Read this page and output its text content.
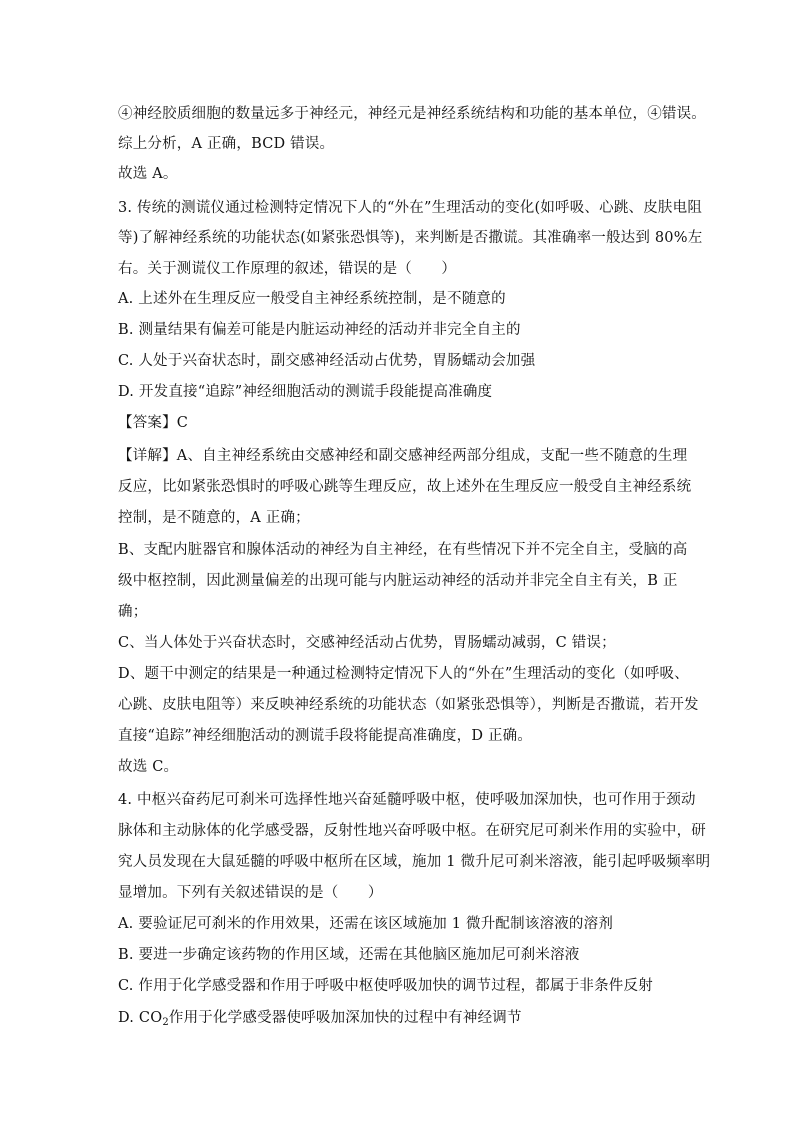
④神经胶质细胞的数量远多于神经元，神经元是神经系统结构和功能的基本单位，④错误。
综上分析，A 正确，BCD 错误。
故选 A。
3. 传统的测谎仪通过检测特定情况下人的“外在”生理活动的变化(如呼吸、心跳、皮肤电阻
等)了解神经系统的功能状态(如紧张恐惧等)，来判断是否撒谎。其准确率一般达到 80%左
右。关于测谎仪工作原理的叙述，错误的是（　　）
A. 上述外在生理反应一般受自主神经系统控制，是不随意的
B. 测量结果有偏差可能是内脏运动神经的活动并非完全自主的
C. 人处于兴奋状态时，副交感神经活动占优势，胃肠蠕动会加强
D. 开发直接“追踪”神经细胞活动的测谎手段能提高准确度
【答案】C
【详解】A、自主神经系统由交感神经和副交感神经两部分组成，支配一些不随意的生理
反应，比如紧张恐惧时的呼吸心跳等生理反应，故上述外在生理反应一般受自主神经系统
控制，是不随意的，A 正确；
B、支配内脏器官和腺体活动的神经为自主神经，在有些情况下并不完全自主，受脑的高
级中枢控制，因此测量偏差的出现可能与内脏运动神经的活动并非完全自主有关，B 正
确；
C、当人体处于兴奋状态时，交感神经活动占优势，胃肠蠕动减弱，C 错误；
D、题干中测定的结果是一种通过检测特定情况下人的“外在”生理活动的变化（如呼吸、
心跳、皮肤电阻等）来反映神经系统的功能状态（如紧张恐惧等），判断是否撒谎，若开发
直接“追踪”神经细胞活动的测谎手段将能提高准确度，D 正确。
故选 C。
4. 中枢兴奋药尼可刹米可选择性地兴奋延髓呼吸中枢，使呼吸加深加快，也可作用于颈动
脉体和主动脉体的化学感受器，反射性地兴奋呼吸中枢。在研究尼可刹米作用的实验中，研
究人员发现在大鼠延髓的呼吸中枢所在区域，施加 1 微升尼可刹米溶液，能引起呼吸频率明
显增加。下列有关叙述错误的是（　　）
A. 要验证尼可刹米的作用效果，还需在该区域施加 1 微升配制该溶液的溶剂
B. 要进一步确定该药物的作用区域，还需在其他脑区施加尼可刹米溶液
C. 作用于化学感受器和作用于呼吸中枢使呼吸加快的调节过程，都属于非条件反射
D. $CO_2$作用于化学感受器使呼吸加深加快的过程中有神经调节
